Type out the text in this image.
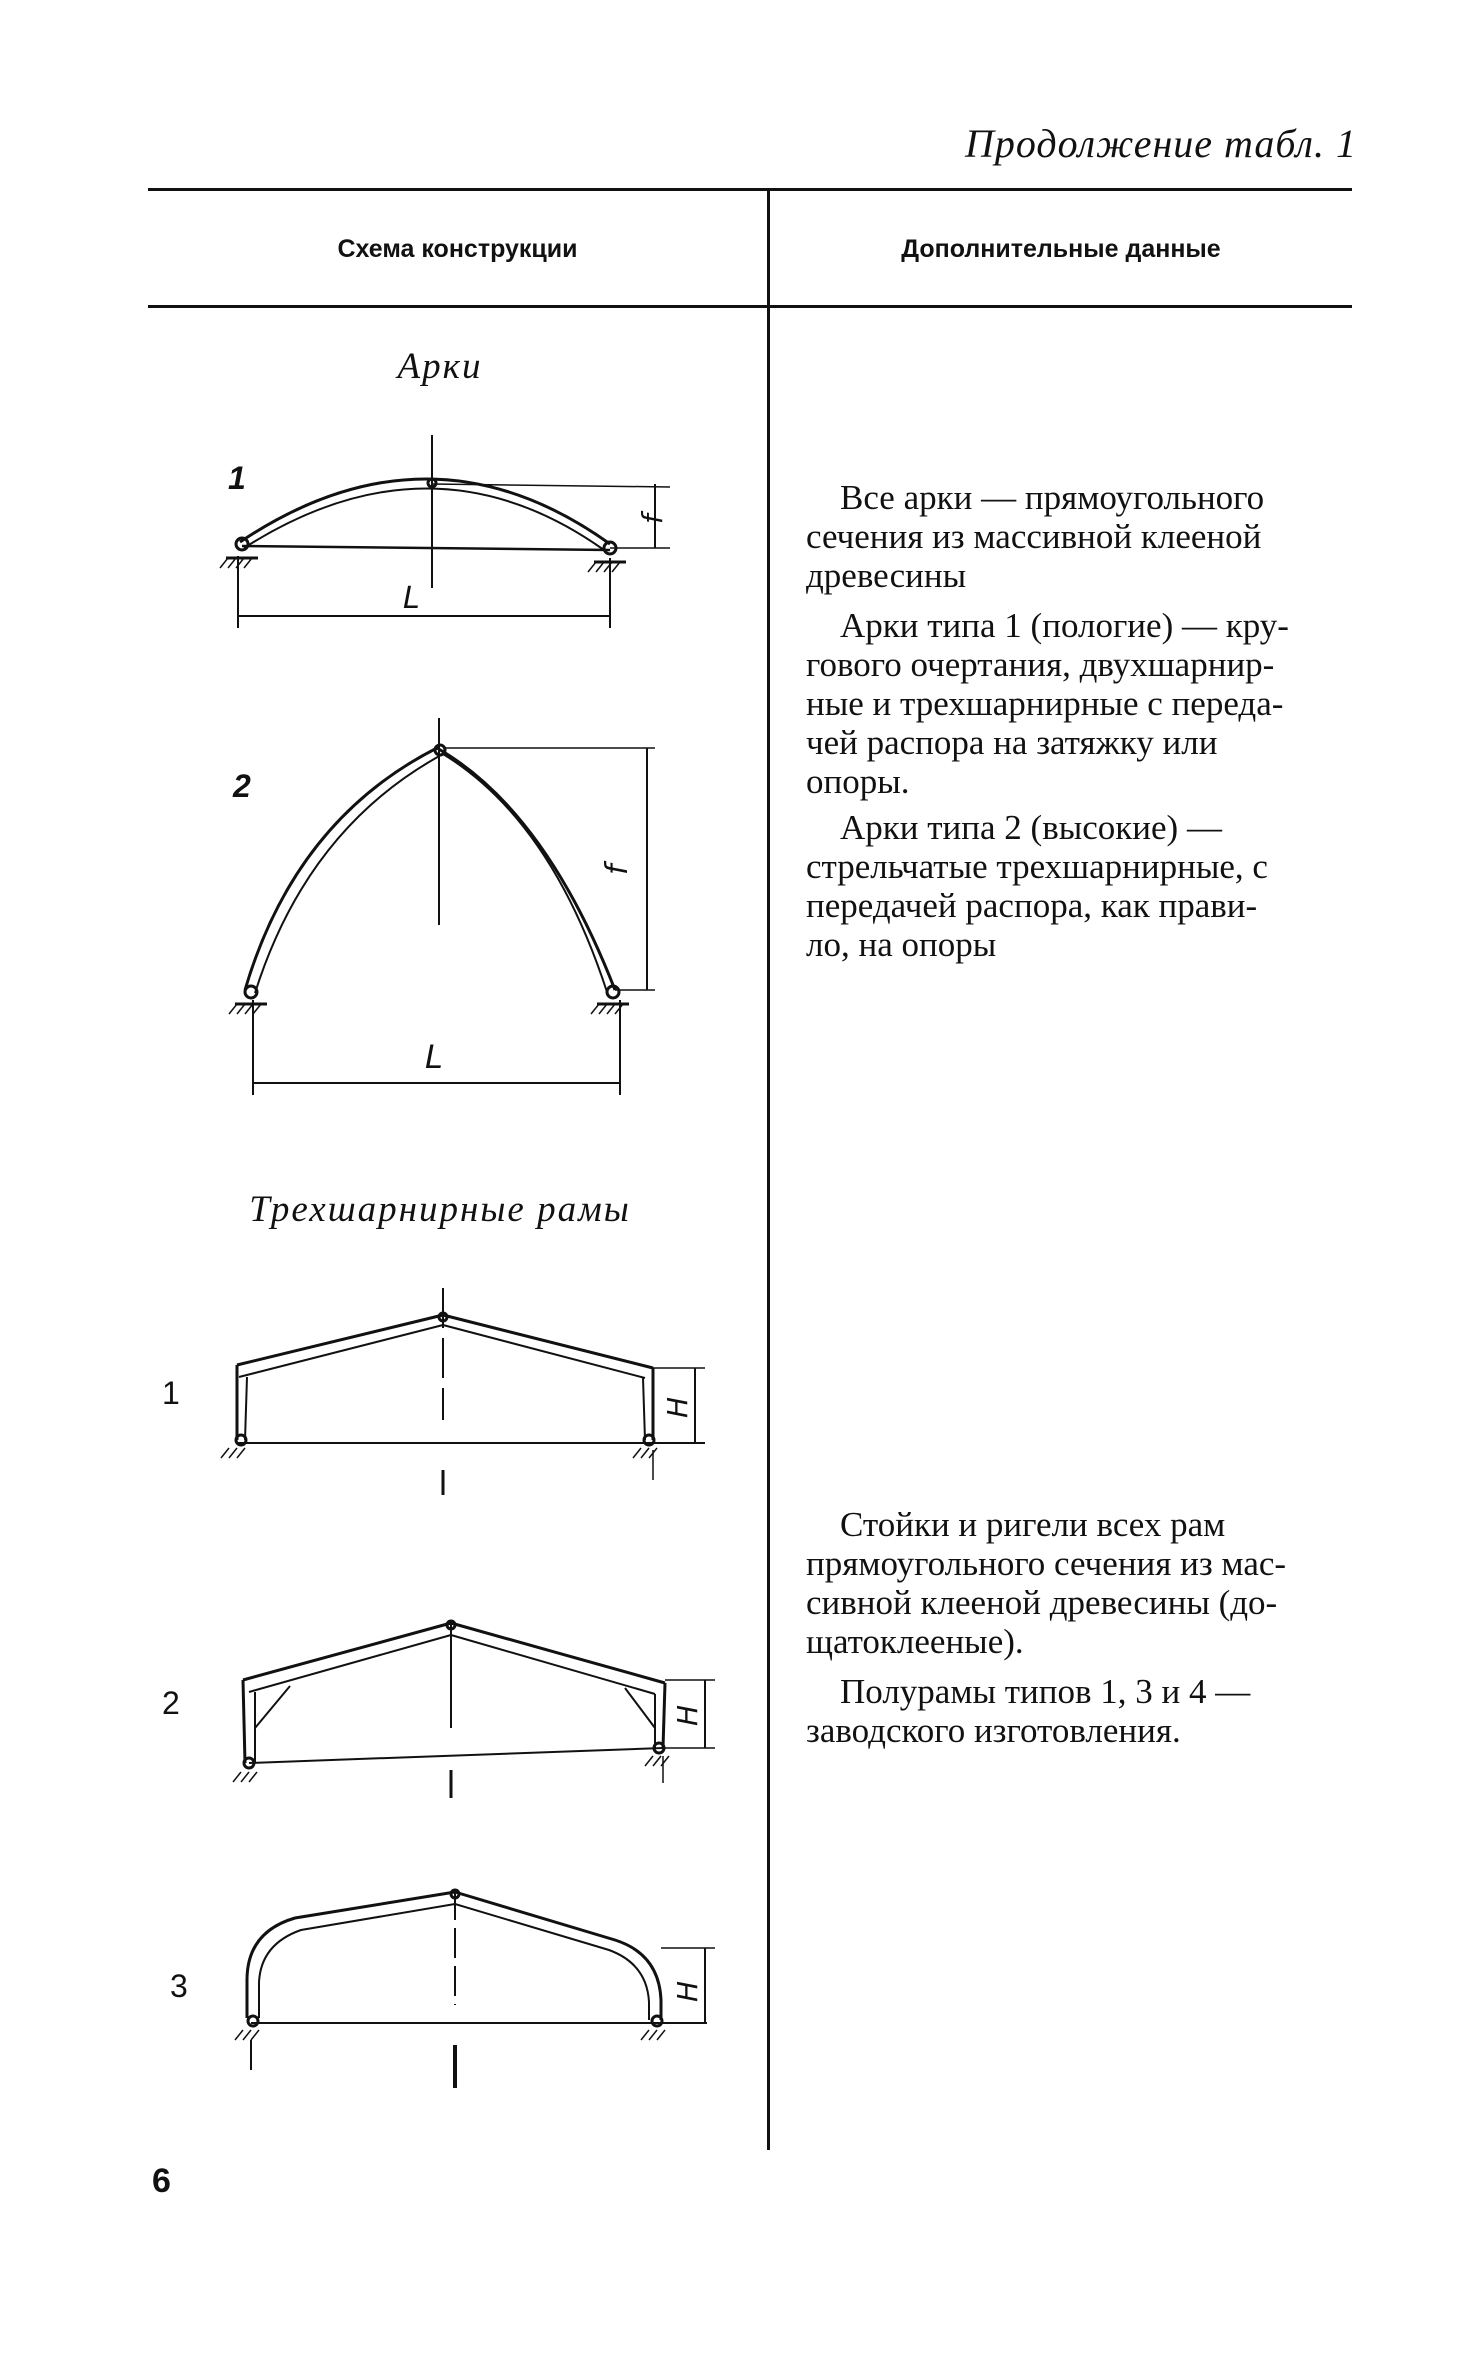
Продолжение табл. 1
Схема конструкции	Дополнительные данные
Арки
1
L
f
2
L
f
Все арки — прямоугольного
сечения из массивной клееной
древесины
Арки типа 1 (пологие) — кру-
гового очертания, двухшарнир-
ные и трехшарнирные с переда-
чей распора на затяжку или
опоры.
Арки типа 2 (высокие) —
стрельчатые трехшарнирные, с
передачей распора, как прави-
ло, на опоры
Трехшарнирные рамы
1	H
2	H
3	H
Стойки и ригели всех рам
прямоугольного сечения из мас-
сивной клееной древесины (до-
щатоклееные).
Полурамы типов 1, 3 и 4 —
заводского изготовления.
6
